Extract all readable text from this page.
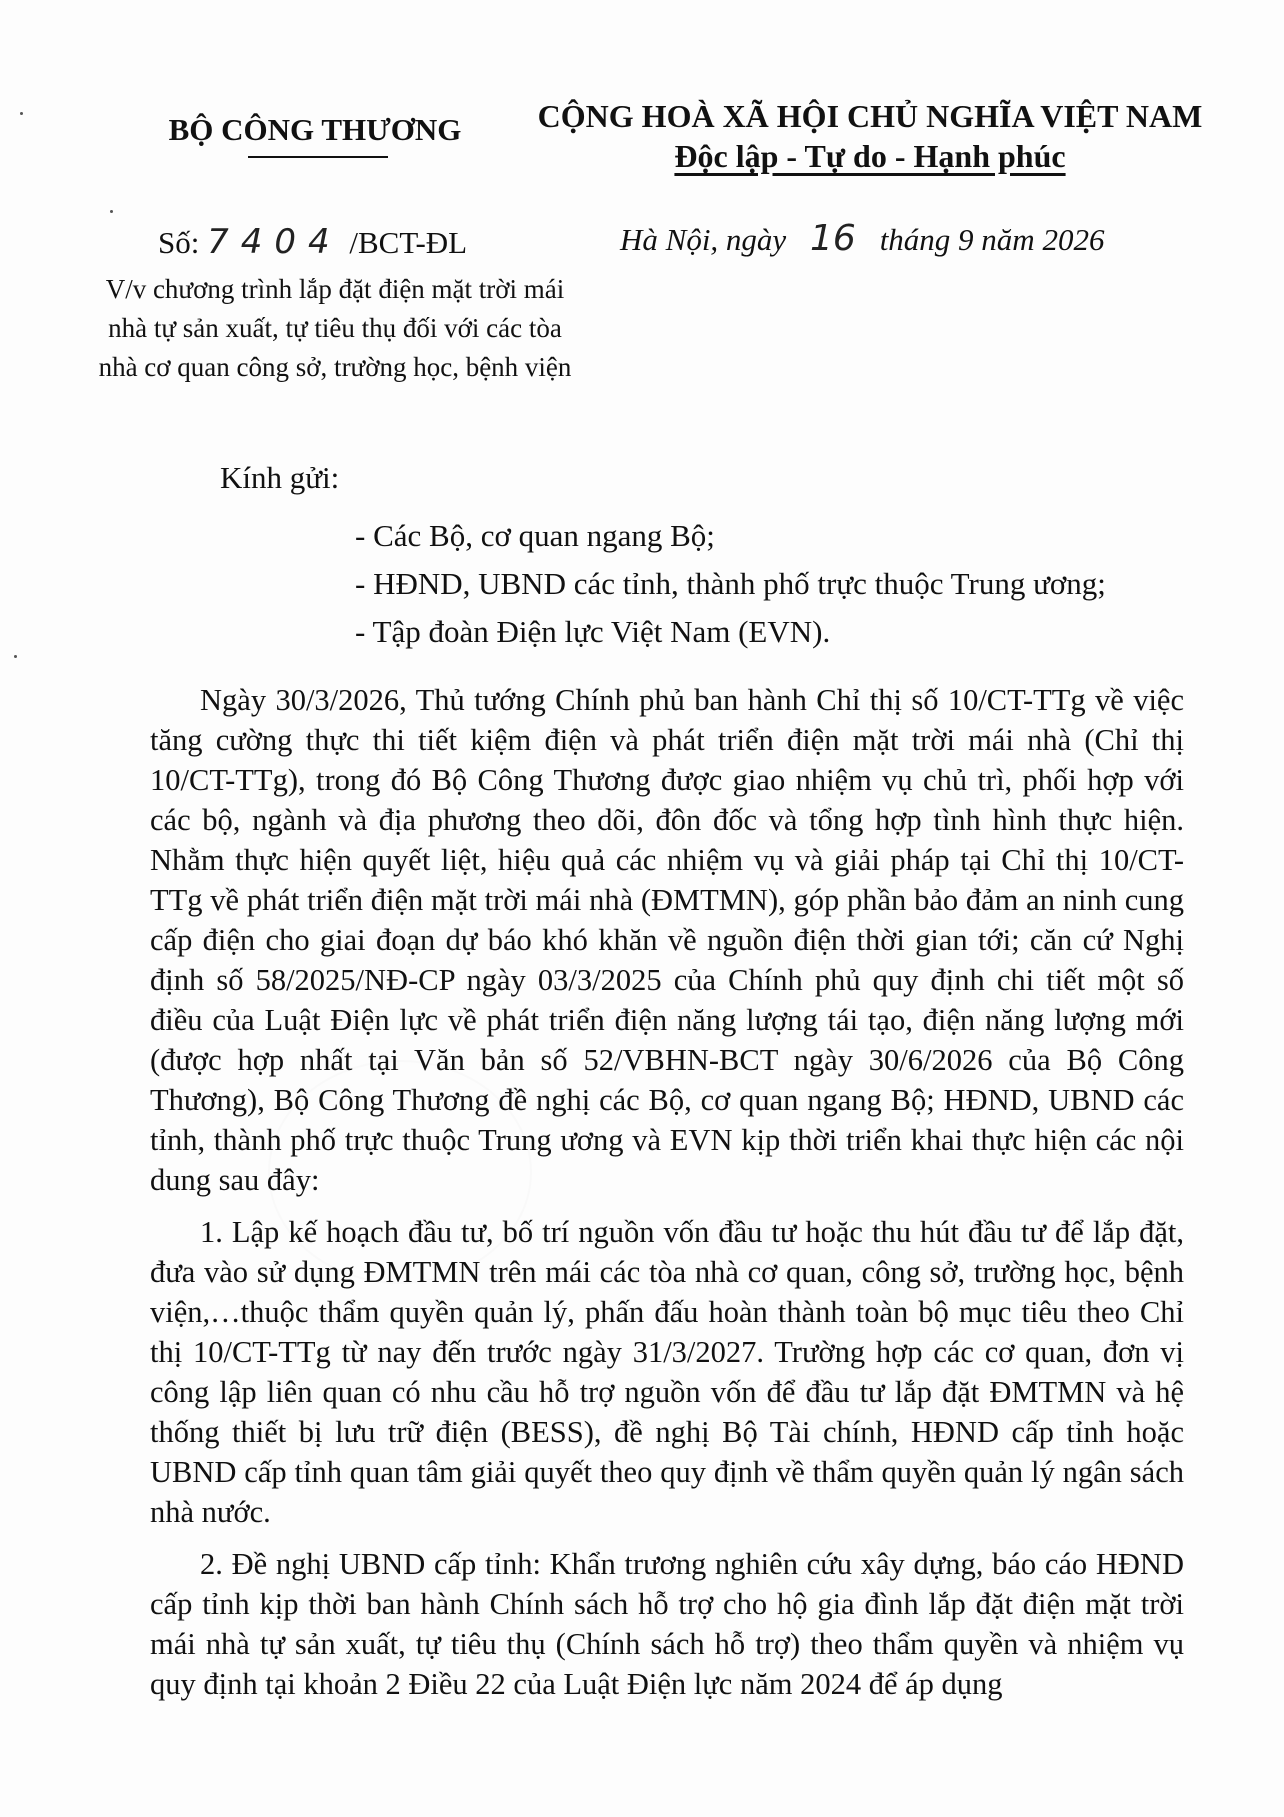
BỘ CÔNG THƯƠNG	CỘNG HOÀ XÃ HỘI CHỦ NGHĨA VIỆT NAM
Độc lập - Tự do - Hạnh phúc
Số: 7404 /BCT-ĐL	Hà Nội, ngày 16 tháng 9 năm 2026
V/v chương trình lắp đặt điện mặt trời mái nhà tự sản xuất, tự tiêu thụ đối với các tòa nhà cơ quan công sở, trường học, bệnh viện
Kính gửi:
- Các Bộ, cơ quan ngang Bộ;
- HĐND, UBND các tỉnh, thành phố trực thuộc Trung ương;
- Tập đoàn Điện lực Việt Nam (EVN).

Ngày 30/3/2026, Thủ tướng Chính phủ ban hành Chỉ thị số 10/CT-TTg về việc tăng cường thực thi tiết kiệm điện và phát triển điện mặt trời mái nhà (Chỉ thị 10/CT-TTg), trong đó Bộ Công Thương được giao nhiệm vụ chủ trì, phối hợp với các bộ, ngành và địa phương theo dõi, đôn đốc và tổng hợp tình hình thực hiện. Nhằm thực hiện quyết liệt, hiệu quả các nhiệm vụ và giải pháp tại Chỉ thị 10/CT-TTg về phát triển điện mặt trời mái nhà (ĐMTMN), góp phần bảo đảm an ninh cung cấp điện cho giai đoạn dự báo khó khăn về nguồn điện thời gian tới; căn cứ Nghị định số 58/2025/NĐ-CP ngày 03/3/2025 của Chính phủ quy định chi tiết một số điều của Luật Điện lực về phát triển điện năng lượng tái tạo, điện năng lượng mới (được hợp nhất tại Văn bản số 52/VBHN-BCT ngày 30/6/2026 của Bộ Công Thương), Bộ Công Thương đề nghị các Bộ, cơ quan ngang Bộ; HĐND, UBND các tỉnh, thành phố trực thuộc Trung ương và EVN kịp thời triển khai thực hiện các nội dung sau đây:

1. Lập kế hoạch đầu tư, bố trí nguồn vốn đầu tư hoặc thu hút đầu tư để lắp đặt, đưa vào sử dụng ĐMTMN trên mái các tòa nhà cơ quan, công sở, trường học, bệnh viện,…thuộc thẩm quyền quản lý, phấn đấu hoàn thành toàn bộ mục tiêu theo Chỉ thị 10/CT-TTg từ nay đến trước ngày 31/3/2027. Trường hợp các cơ quan, đơn vị công lập liên quan có nhu cầu hỗ trợ nguồn vốn để đầu tư lắp đặt ĐMTMN và hệ thống thiết bị lưu trữ điện (BESS), đề nghị Bộ Tài chính, HĐND cấp tỉnh hoặc UBND cấp tỉnh quan tâm giải quyết theo quy định về thẩm quyền quản lý ngân sách nhà nước.

2. Đề nghị UBND cấp tỉnh: Khẩn trương nghiên cứu xây dựng, báo cáo HĐND cấp tỉnh kịp thời ban hành Chính sách hỗ trợ cho hộ gia đình lắp đặt điện mặt trời mái nhà tự sản xuất, tự tiêu thụ (Chính sách hỗ trợ) theo thẩm quyền và nhiệm vụ quy định tại khoản 2 Điều 22 của Luật Điện lực năm 2024 để áp dụng
